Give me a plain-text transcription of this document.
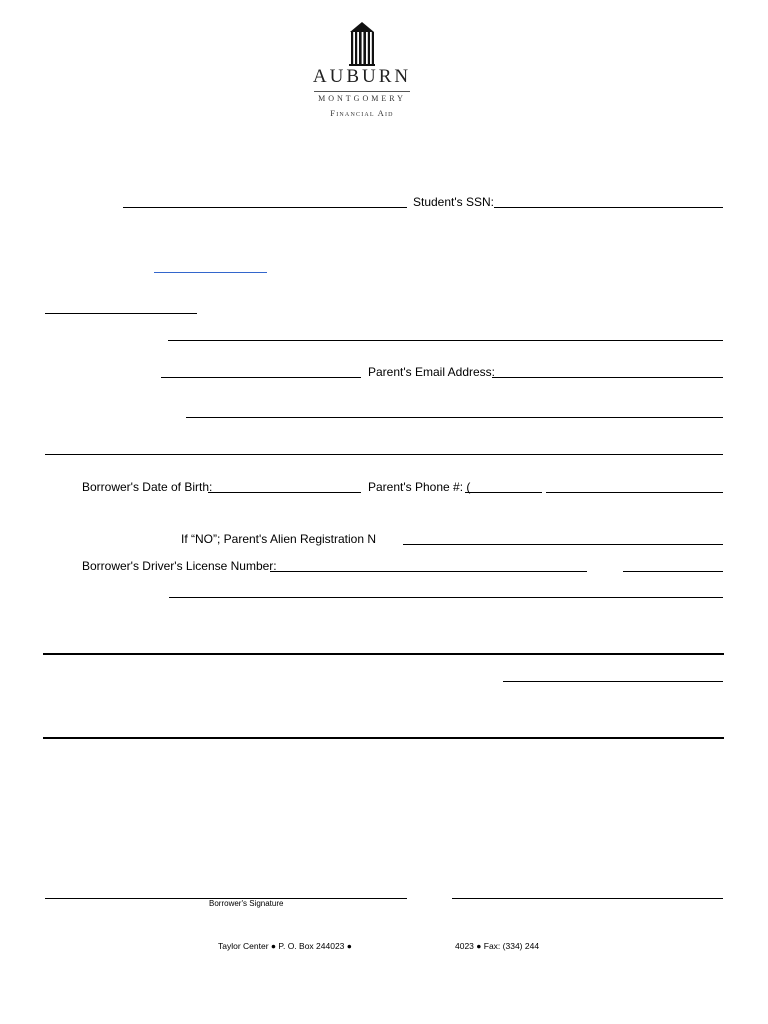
AUBURN
MONTGOMERY
Financial Aid
Student's SSN:
Parent's Email Address:
Borrower's Date of Birth:	Parent's Phone #: (
If “NO”; Parent's Alien Registration N
Borrower's Driver's License Number:
Borrower's Signature
Taylor Center ● P. O. Box 244023 ●	4023 ● Fax: (334) 244
